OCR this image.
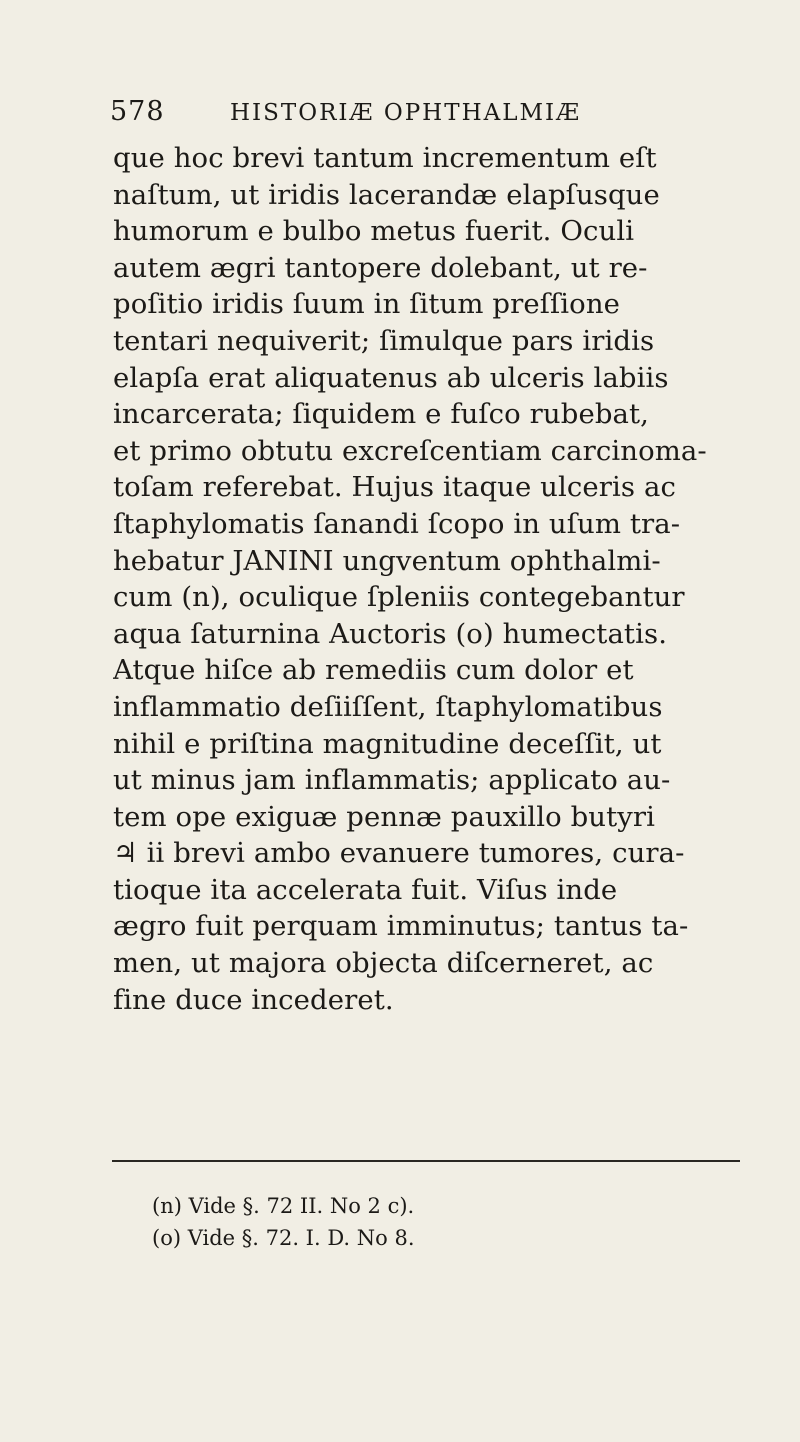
578	HISTORIÆ OPHTHALMIÆ
que hoc brevi tantum incrementum eſt
naſtum, ut iridis lacerandæ elapſusque
humorum e bulbo metus fuerit. Oculi
autem ægri tantopere dolebant, ut re-
poſitio iridis ſuum in ſitum preſſione
tentari nequiverit; ſimulque pars iridis
elapſa erat aliquatenus ab ulceris labiis
incarcerata; ſiquidem e fuſco rubebat,
et primo obtutu excreſcentiam carcinoma-
toſam referebat. Hujus itaque ulceris ac
ſtaphylomatis ſanandi ſcopo in uſum tra-
hebatur JANINI ungventum ophthalmi-
cum (n), oculique ſpleniis contegebantur
aqua ſaturnina Auctoris (o) humectatis.
Atque hiſce ab remediis cum dolor et
inflammatio deſiiſſent, ſtaphylomatibus
nihil e priſtina magnitudine deceſſit, ut
ut minus jam inflammatis; applicato au-
tem ope exiguæ pennæ pauxillo butyri
♃ ii brevi ambo evanuere tumores, cura-
tioque ita accelerata fuit. Viſus inde
ægro fuit perquam imminutus; tantus ta-
men, ut majora objecta diſcerneret, ac
fine duce incederet.
(n) Vide §. 72 II. No 2 c).
(o) Vide §. 72. I. D. No 8.
